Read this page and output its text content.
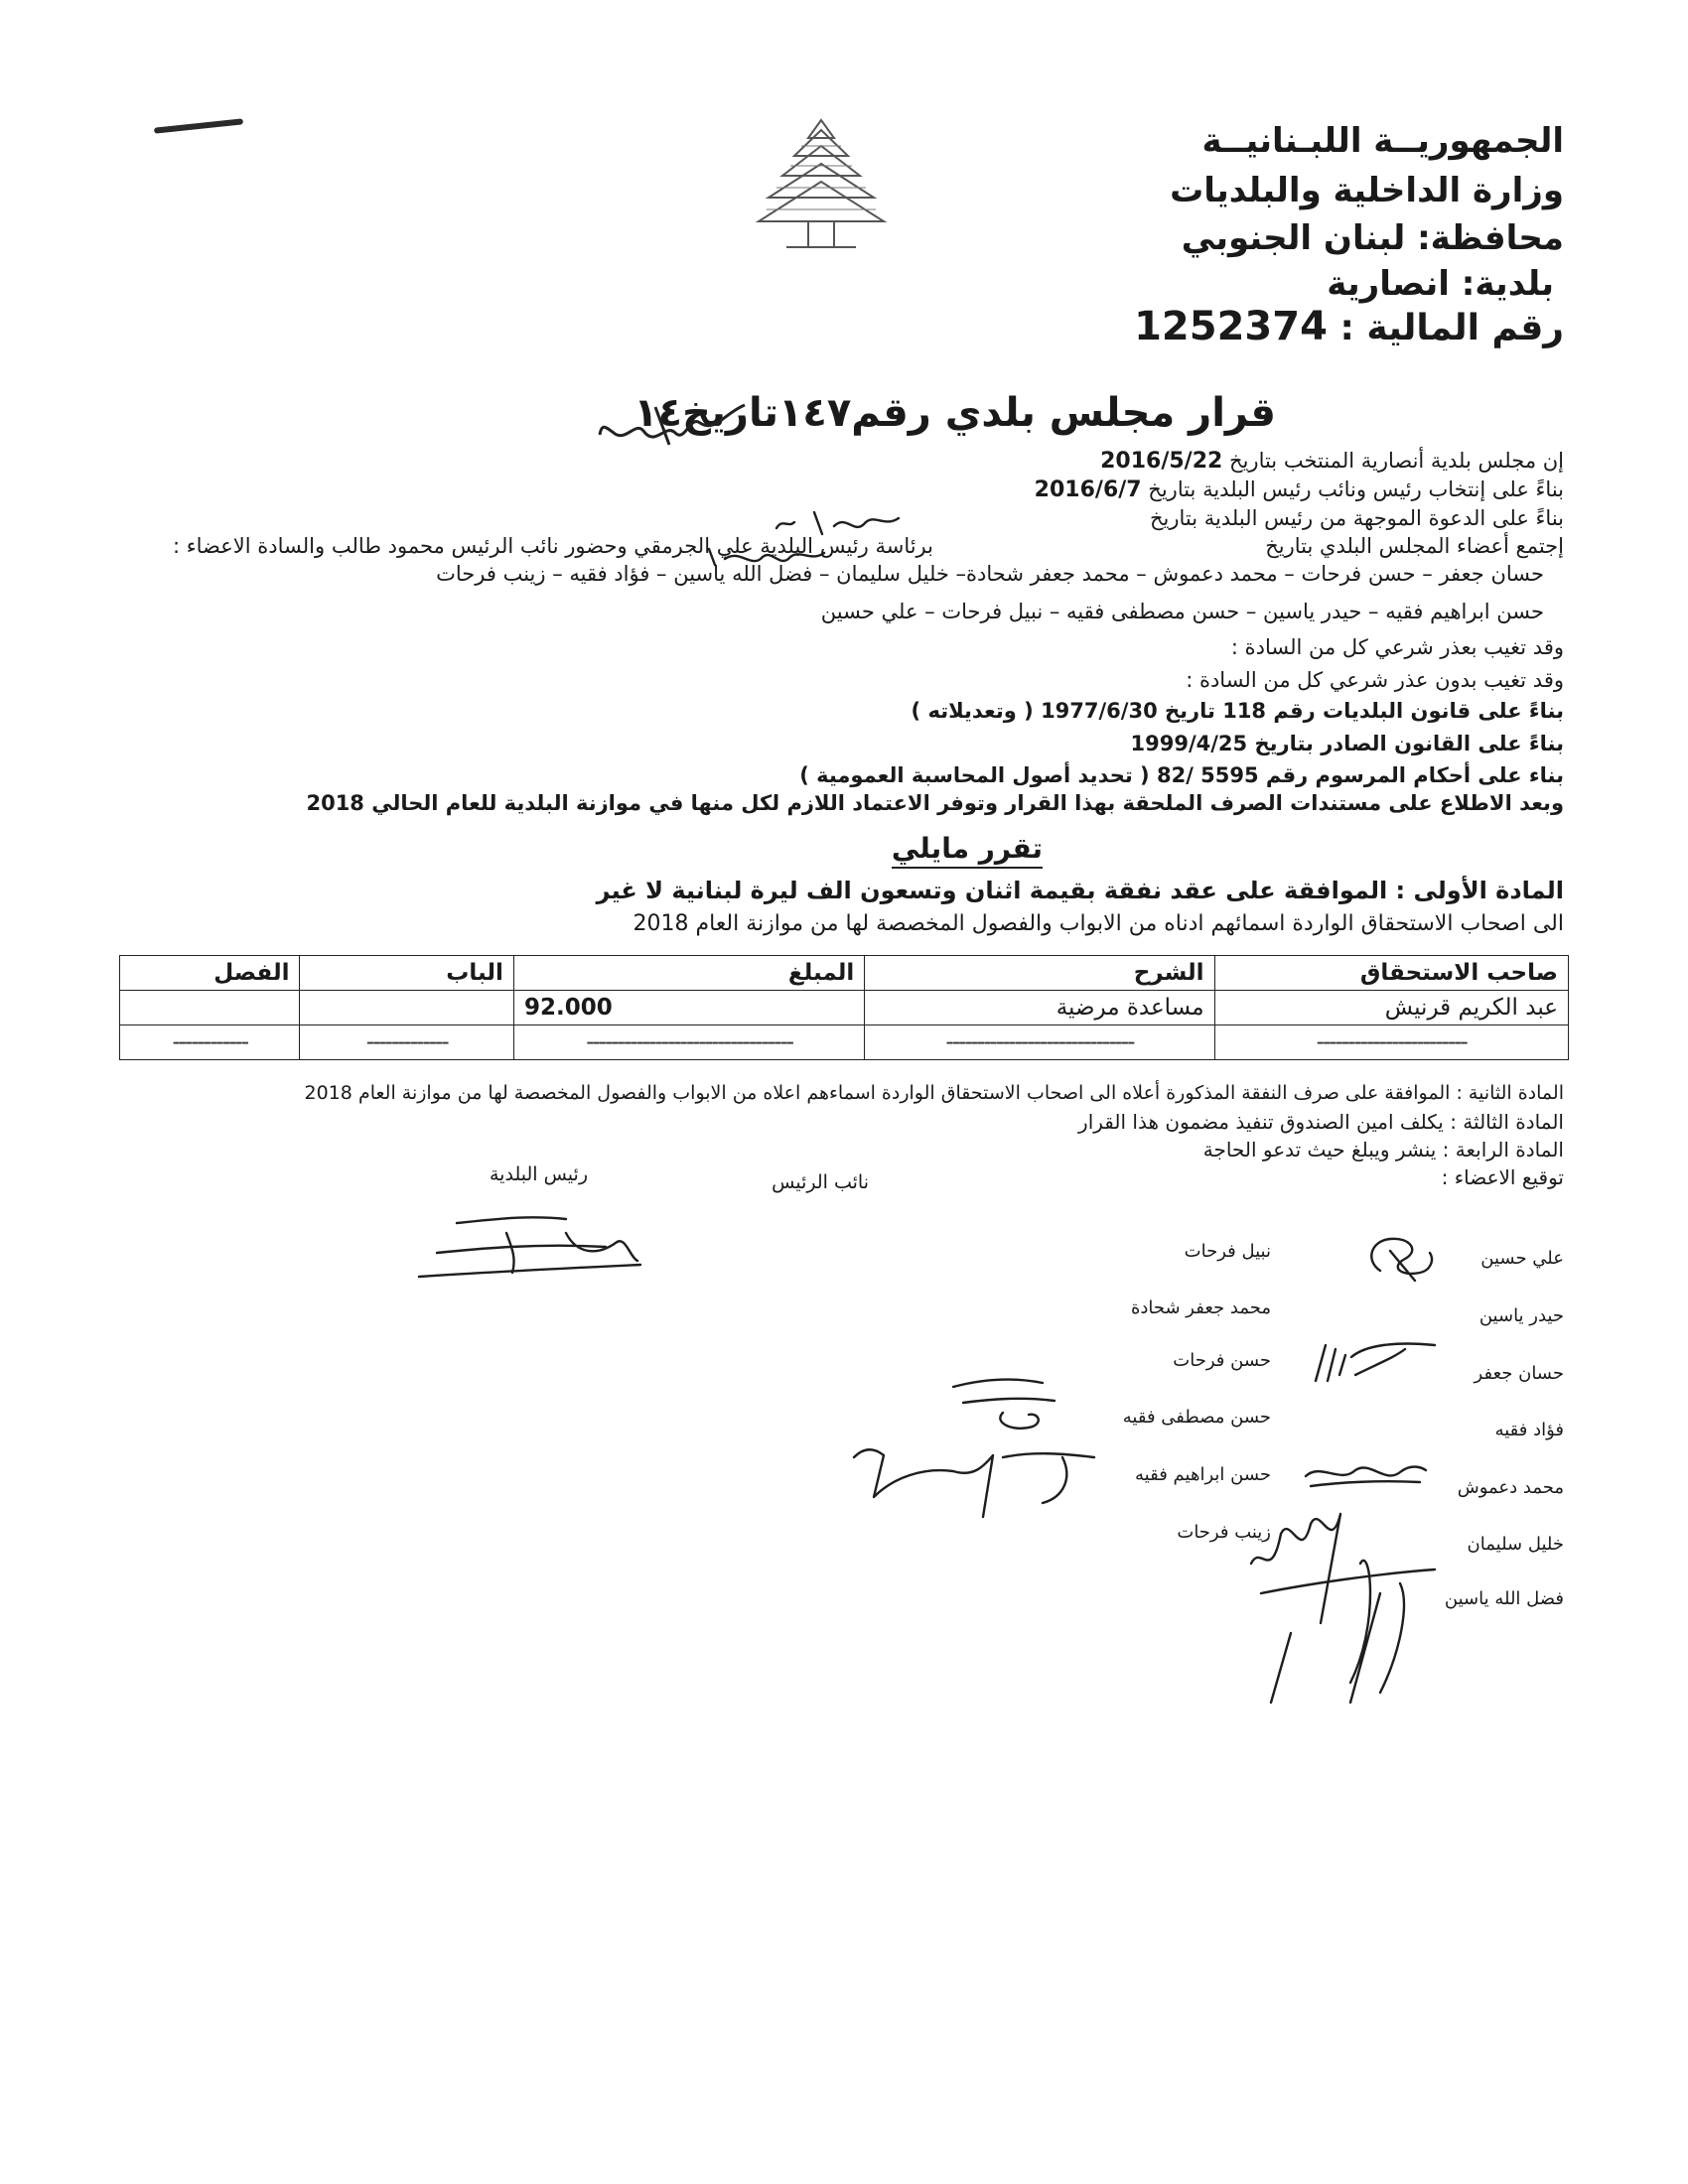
الجمهوريــة اللبـنانيــة
وزارة الداخلية والبلديات
محافظة: لبنان الجنوبي
بلدية: انصارية
رقم المالية : 1252374
قرار مجلس بلدي رقم١٤٧تاريخ١٤
إن مجلس بلدية أنصارية المنتخب بتاريخ 2016/5/22
بناءً على إنتخاب رئيس ونائب رئيس البلدية بتاريخ 2016/6/7
بناءً على الدعوة الموجهة من رئيس البلدية بتاريخ
إجتمع أعضاء المجلس البلدي بتاريخ
برئاسة رئيس البلدية علي الجرمقي وحضور نائب الرئيس محمود طالب والسادة الاعضاء :
حسان جعفر – حسن فرحات – محمد دعموش – محمد جعفر شحادة– خليل سليمان – فضل الله ياسين – فؤاد فقيه – زينب فرحات
حسن ابراهيم فقيه – حيدر ياسين – حسن مصطفى فقيه – نبيل فرحات – علي حسين
وقد تغيب بعذر شرعي كل من السادة :
وقد تغيب بدون عذر شرعي كل من السادة :
بناءً على قانون البلديات رقم 118 تاريخ 1977/6/30 ( وتعديلاته )
بناءً على القانون الصادر بتاريخ 1999/4/25
بناء على أحكام المرسوم رقم 5595 /82 ( تحديد أصول المحاسبة العمومية )
وبعد الاطلاع على مستندات الصرف الملحقة بهذا القرار وتوفر الاعتماد اللازم لكل منها في موازنة البلدية للعام الحالي 2018
تقرر مايلي
المادة الأولى : الموافقة على عقد نفقة بقيمة اثنان وتسعون الف ليرة لبنانية لا غير
الى اصحاب الاستحقاق الواردة اسمائهم ادناه من الابواب والفصول المخصصة لها من موازنة العام 2018
صاحب الاستحقاق	الشرح	المبلغ	الباب	الفصل
عبد الكريم قرنيش	مساعدة مرضية	92.000		
------------------------	------------------------------	---------------------------------	-------------	------------
المادة الثانية : الموافقة على صرف النفقة المذكورة أعلاه الى اصحاب الاستحقاق الواردة اسماءهم اعلاه من الابواب والفصول المخصصة لها من موازنة العام 2018
المادة الثالثة : يكلف امين الصندوق تنفيذ مضمون هذا القرار
المادة الرابعة : ينشر ويبلغ حيث تدعو الحاجة
توقيع الاعضاء :
رئيس البلدية	نائب الرئيس
نبيل فرحات
محمد جعفر شحادة
حسن فرحات
حسن مصطفى فقيه
حسن ابراهيم فقيه
زينب فرحات
علي حسين
حيدر ياسين
حسان جعفر
فؤاد فقيه
محمد دعموش
خليل سليمان
فضل الله ياسين
